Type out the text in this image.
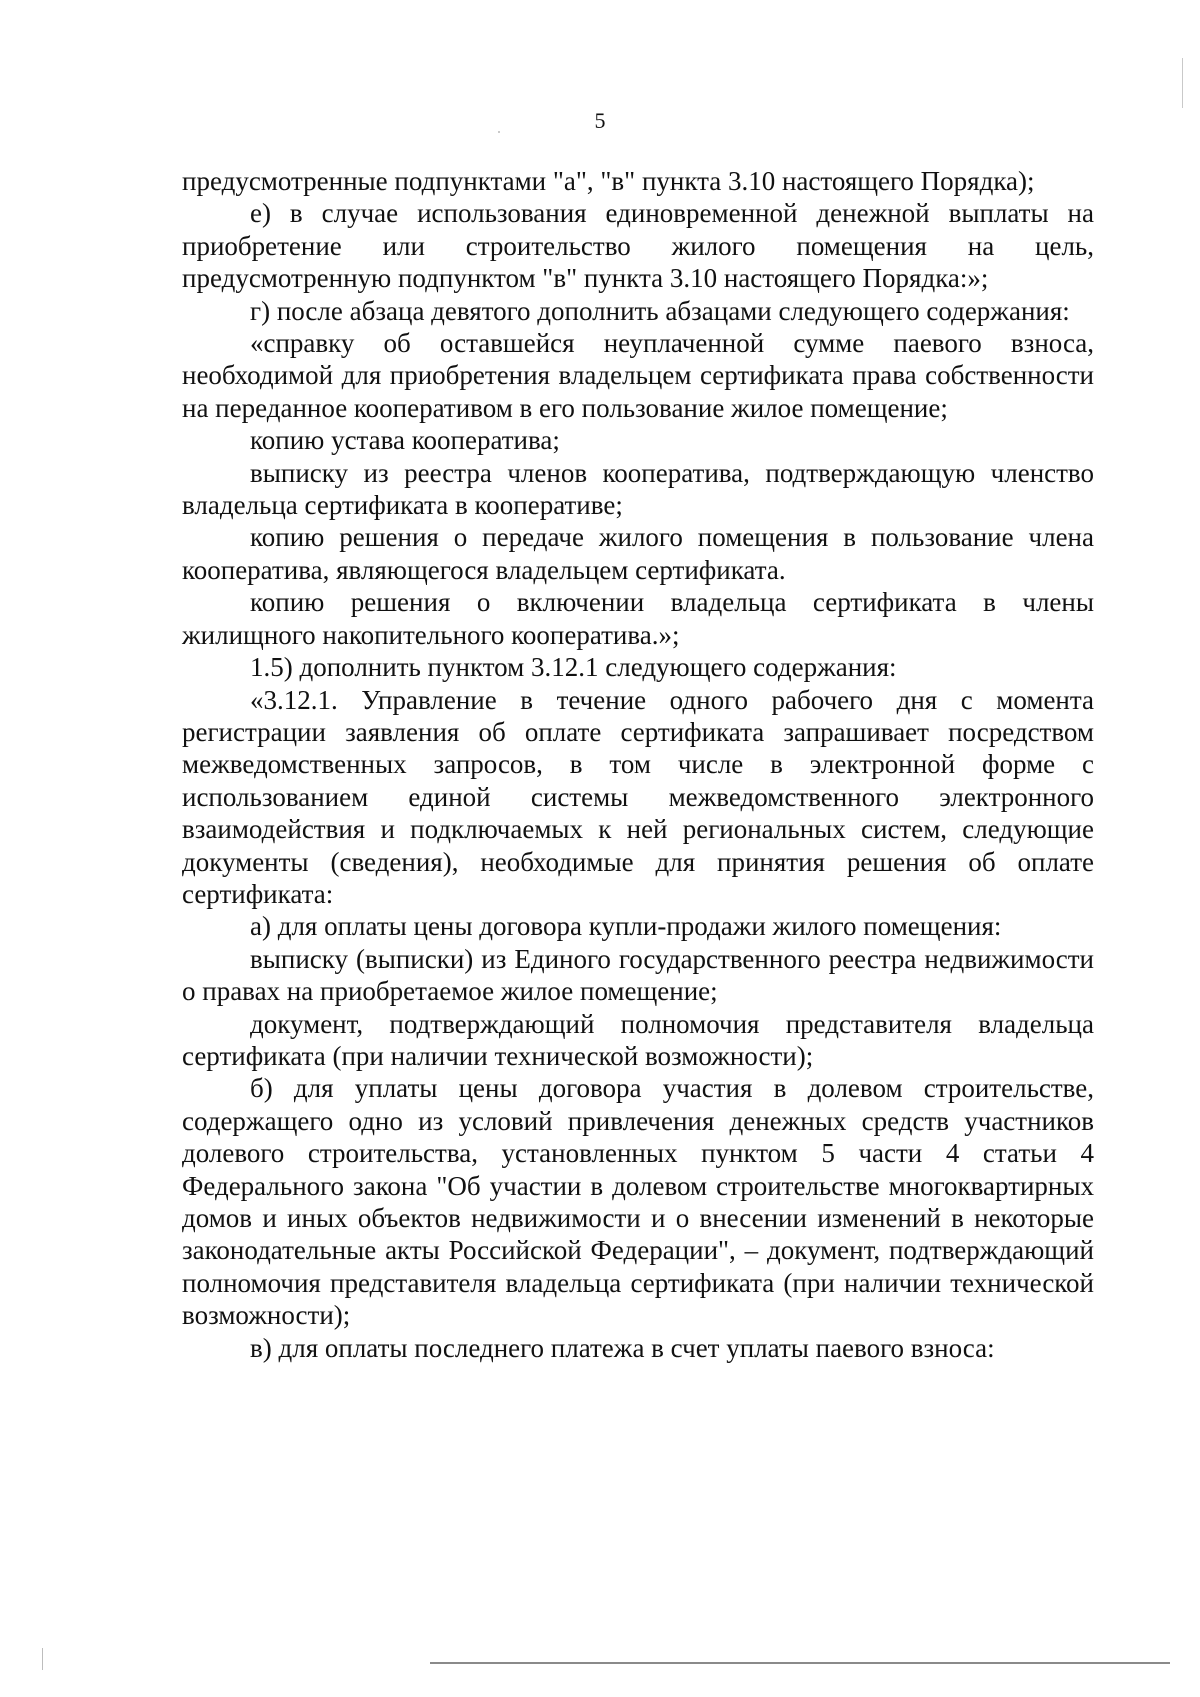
5

предусмотренные подпунктами "а", "в" пункта 3.10 настоящего Порядка);

е) в случае использования единовременной денежной выплаты на приобретение или строительство жилого помещения на цель, предусмотренную подпунктом "в" пункта 3.10 настоящего Порядка:»;

г) после абзаца девятого дополнить абзацами следующего содержания:

«справку об оставшейся неуплаченной сумме паевого взноса, необходимой для приобретения владельцем сертификата права собственности на переданное кооперативом в его пользование жилое помещение;

копию устава кооператива;

выписку из реестра членов кооператива, подтверждающую членство владельца сертификата в кооперативе;

копию решения о передаче жилого помещения в пользование члена кооператива, являющегося владельцем сертификата.

копию решения о включении владельца сертификата в члены жилищного накопительного кооператива.»;

1.5) дополнить пунктом 3.12.1 следующего содержания:

«3.12.1. Управление в течение одного рабочего дня с момента регистрации заявления об оплате сертификата запрашивает посредством межведомственных запросов, в том числе в электронной форме с использованием единой системы межведомственного электронного взаимодействия и подключаемых к ней региональных систем, следующие документы (сведения), необходимые для принятия решения об оплате сертификата:

а) для оплаты цены договора купли-продажи жилого помещения:

выписку (выписки) из Единого государственного реестра недвижимости о правах на приобретаемое жилое помещение;

документ, подтверждающий полномочия представителя владельца сертификата (при наличии технической возможности);

б) для уплаты цены договора участия в долевом строительстве, содержащего одно из условий привлечения денежных средств участников долевого строительства, установленных пунктом 5 части 4 статьи 4 Федерального закона "Об участии в долевом строительстве многоквартирных домов и иных объектов недвижимости и о внесении изменений в некоторые законодательные акты Российской Федерации", – документ, подтверждающий полномочия представителя владельца сертификата (при наличии технической возможности);

в) для оплаты последнего платежа в счет уплаты паевого взноса:
